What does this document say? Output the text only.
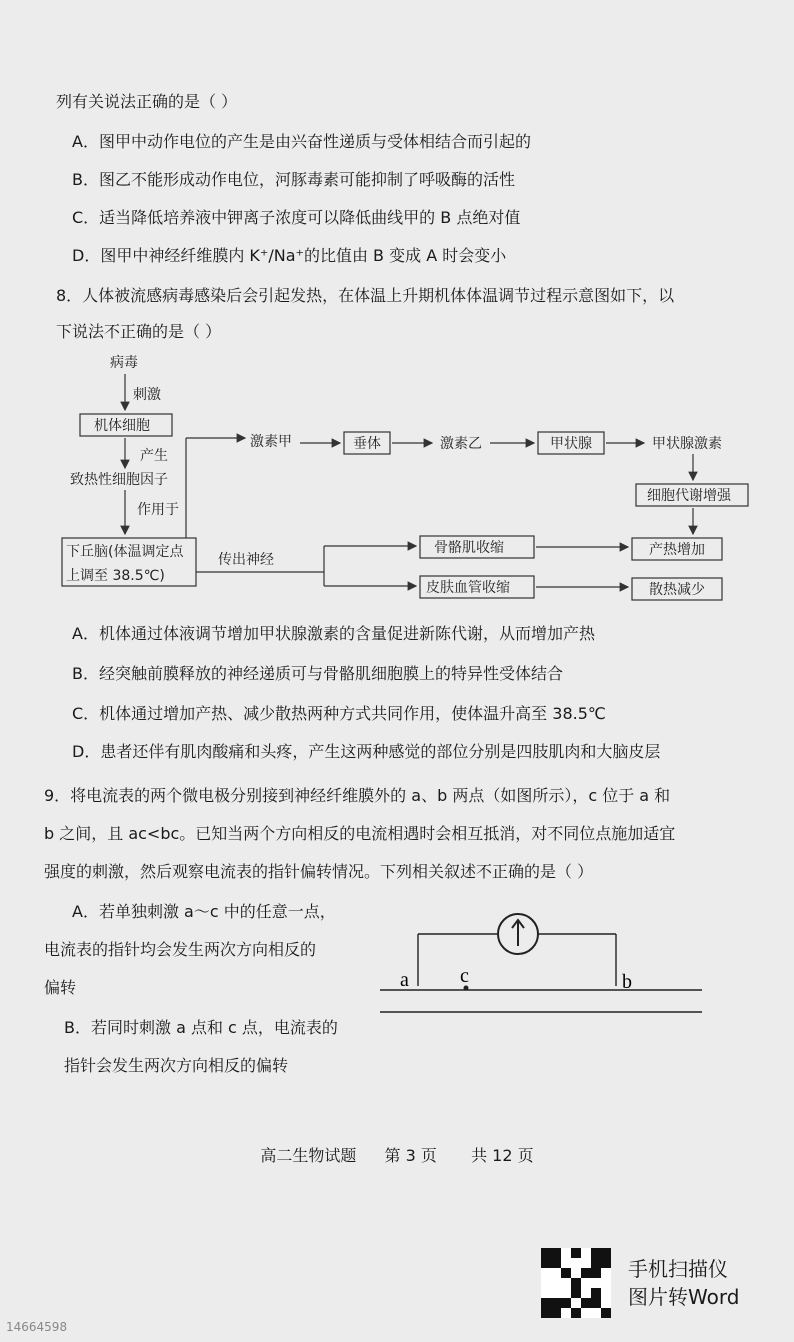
列有关说法正确的是（ ）
A．图甲中动作电位的产生是由兴奋性递质与受体相结合而引起的
B．图乙不能形成动作电位，河豚毒素可能抑制了呼吸酶的活性
C．适当降低培养液中钾离子浓度可以降低曲线甲的 B 点绝对值
D．图甲中神经纤维膜内 K⁺/Na⁺的比值由 B 变成 A 时会变小
8．人体被流感病毒感染后会引起发热，在体温上升期机体体温调节过程示意图如下，以
下说法不正确的是（ ）
病毒
刺激
机体细胞
产生
致热性细胞因子
作用于
下丘脑(体温调定点
上调至 38.5℃)
激素甲	垂体	激素乙	甲状腺	甲状腺激素
细胞代谢增强
传出神经
骨骼肌收缩
皮肤血管收缩
产热增加
散热减少
A．机体通过体液调节增加甲状腺激素的含量促进新陈代谢，从而增加产热
B．经突触前膜释放的神经递质可与骨骼肌细胞膜上的特异性受体结合
C．机体通过增加产热、减少散热两种方式共同作用，使体温升高至 38.5℃
D．患者还伴有肌肉酸痛和头疼，产生这两种感觉的部位分别是四肢肌肉和大脑皮层
9．将电流表的两个微电极分别接到神经纤维膜外的 a、b 两点（如图所示），c 位于 a 和
b 之间，且 ac<bc。已知当两个方向相反的电流相遇时会相互抵消，对不同位点施加适宜
强度的刺激，然后观察电流表的指针偏转情况。下列相关叙述不正确的是（ ）
A．若单独刺激 a～c 中的任意一点，
电流表的指针均会发生两次方向相反的
偏转
B．若同时刺激 a 点和 c 点，电流表的
指针会发生两次方向相反的偏转
a	c	b
高二生物试题 第 3 页 共 12 页
手机扫描仪
图片转Word
14664598
